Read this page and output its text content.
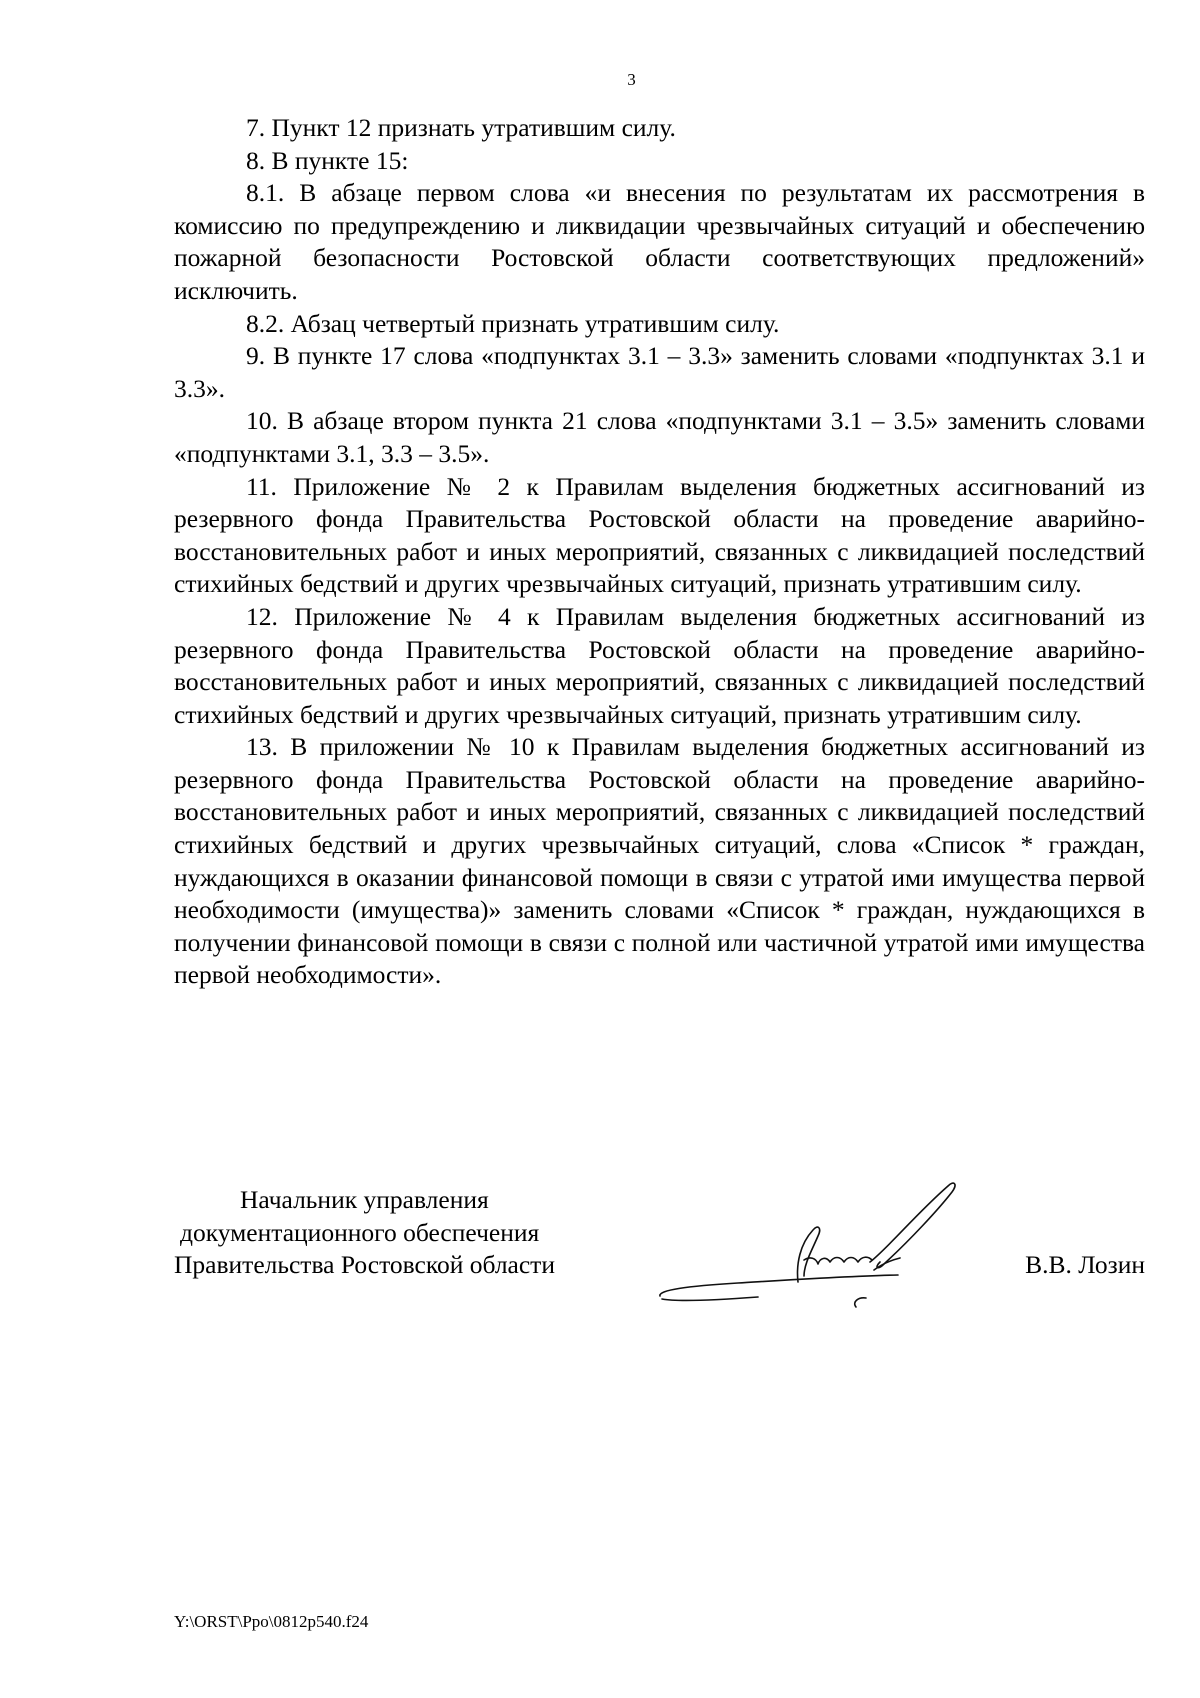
3

7. Пункт 12 признать утратившим силу.

8. В пункте 15:

8.1. В абзаце первом слова «и внесения по результатам их рассмотрения в комиссию по предупреждению и ликвидации чрезвычайных ситуаций и обеспечению пожарной безопасности Ростовской области соответствующих предложений» исключить.

8.2. Абзац четвертый признать утратившим силу.

9. В пункте 17 слова «подпунктах 3.1 – 3.3» заменить словами «подпунктах 3.1 и 3.3».

10. В абзаце втором пункта 21 слова «подпунктами 3.1 – 3.5» заменить словами «подпунктами 3.1, 3.3 – 3.5».

11. Приложение № 2 к Правилам выделения бюджетных ассигнований из резервного фонда Правительства Ростовской области на проведение аварийно-восстановительных работ и иных мероприятий, связанных с ликвидацией последствий стихийных бедствий и других чрезвычайных ситуаций, признать утратившим силу.

12. Приложение № 4 к Правилам выделения бюджетных ассигнований из резервного фонда Правительства Ростовской области на проведение аварийно-восстановительных работ и иных мероприятий, связанных с ликвидацией последствий стихийных бедствий и других чрезвычайных ситуаций, признать утратившим силу.

13. В приложении № 10 к Правилам выделения бюджетных ассигнований из резервного фонда Правительства Ростовской области на проведение аварийно-восстановительных работ и иных мероприятий, связанных с ликвидацией последствий стихийных бедствий и других чрезвычайных ситуаций, слова «Список * граждан, нуждающихся в оказании финансовой помощи в связи с утратой ими имущества первой необходимости (имущества)» заменить словами «Список * граждан, нуждающихся в получении финансовой помощи в связи с полной или частичной утратой ими имущества первой необходимости».

Начальник управления
документационного обеспечения
Правительства Ростовской области	В.В. Лозин
Y:\ORST\Ppo\0812p540.f24
